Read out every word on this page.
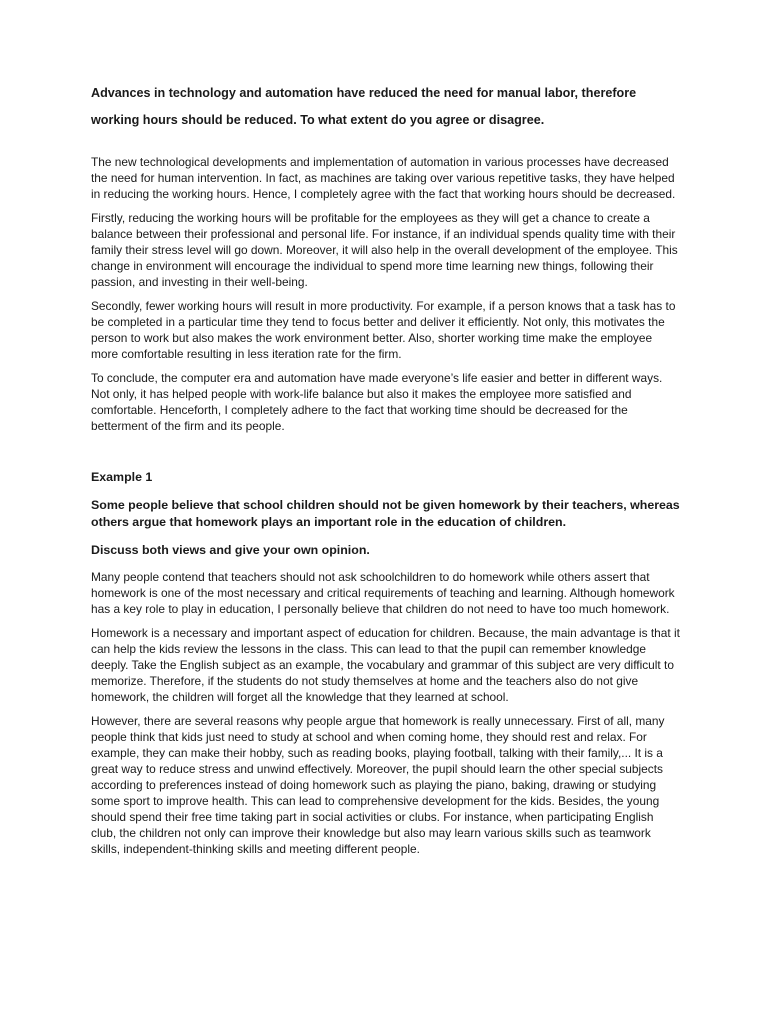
Advances in technology and automation have reduced the need for manual labor, therefore working hours should be reduced. To what extent do you agree or disagree.

The new technological developments and implementation of automation in various processes have decreased the need for human intervention. In fact, as machines are taking over various repetitive tasks, they have helped in reducing the working hours. Hence, I completely agree with the fact that working hours should be decreased.

Firstly, reducing the working hours will be profitable for the employees as they will get a chance to create a balance between their professional and personal life. For instance, if an individual spends quality time with their family their stress level will go down. Moreover, it will also help in the overall development of the employee. This change in environment will encourage the individual to spend more time learning new things, following their passion, and investing in their well-being.

Secondly, fewer working hours will result in more productivity. For example, if a person knows that a task has to be completed in a particular time they tend to focus better and deliver it efficiently. Not only, this motivates the person to work but also makes the work environment better. Also, shorter working time make the employee more comfortable resulting in less iteration rate for the firm.

To conclude, the computer era and automation have made everyone’s life easier and better in different ways. Not only, it has helped people with work-life balance but also it makes the employee more satisfied and comfortable. Henceforth, I completely adhere to the fact that working time should be decreased for the betterment of the firm and its people.

Example 1

Some people believe that school children should not be given homework by their teachers, whereas others argue that homework plays an important role in the education of children.

Discuss both views and give your own opinion.

Many people contend that teachers should not ask schoolchildren to do homework while others assert that homework is one of the most necessary and critical requirements of teaching and learning. Although homework has a key role to play in education, I personally believe that children do not need to have too much homework.

Homework is a necessary and important aspect of education for children. Because, the main advantage is that it can help the kids review the lessons in the class. This can lead to that the pupil can remember knowledge deeply. Take the English subject as an example, the vocabulary and grammar of this subject are very difficult to memorize. Therefore, if the students do not study themselves at home and the teachers also do not give homework, the children will forget all the knowledge that they learned at school.

However, there are several reasons why people argue that homework is really unnecessary. First of all, many people think that kids just need to study at school and when coming home, they should rest and relax. For example, they can make their hobby, such as reading books, playing football, talking with their family,... It is a great way to reduce stress and unwind effectively. Moreover, the pupil should learn the other special subjects according to preferences instead of doing homework such as playing the piano, baking, drawing or studying some sport to improve health. This can lead to comprehensive development for the kids. Besides, the young should spend their free time taking part in social activities or clubs. For instance, when participating English club, the children not only can improve their knowledge but also may learn various skills such as teamwork skills, independent-thinking skills and meeting different people.
